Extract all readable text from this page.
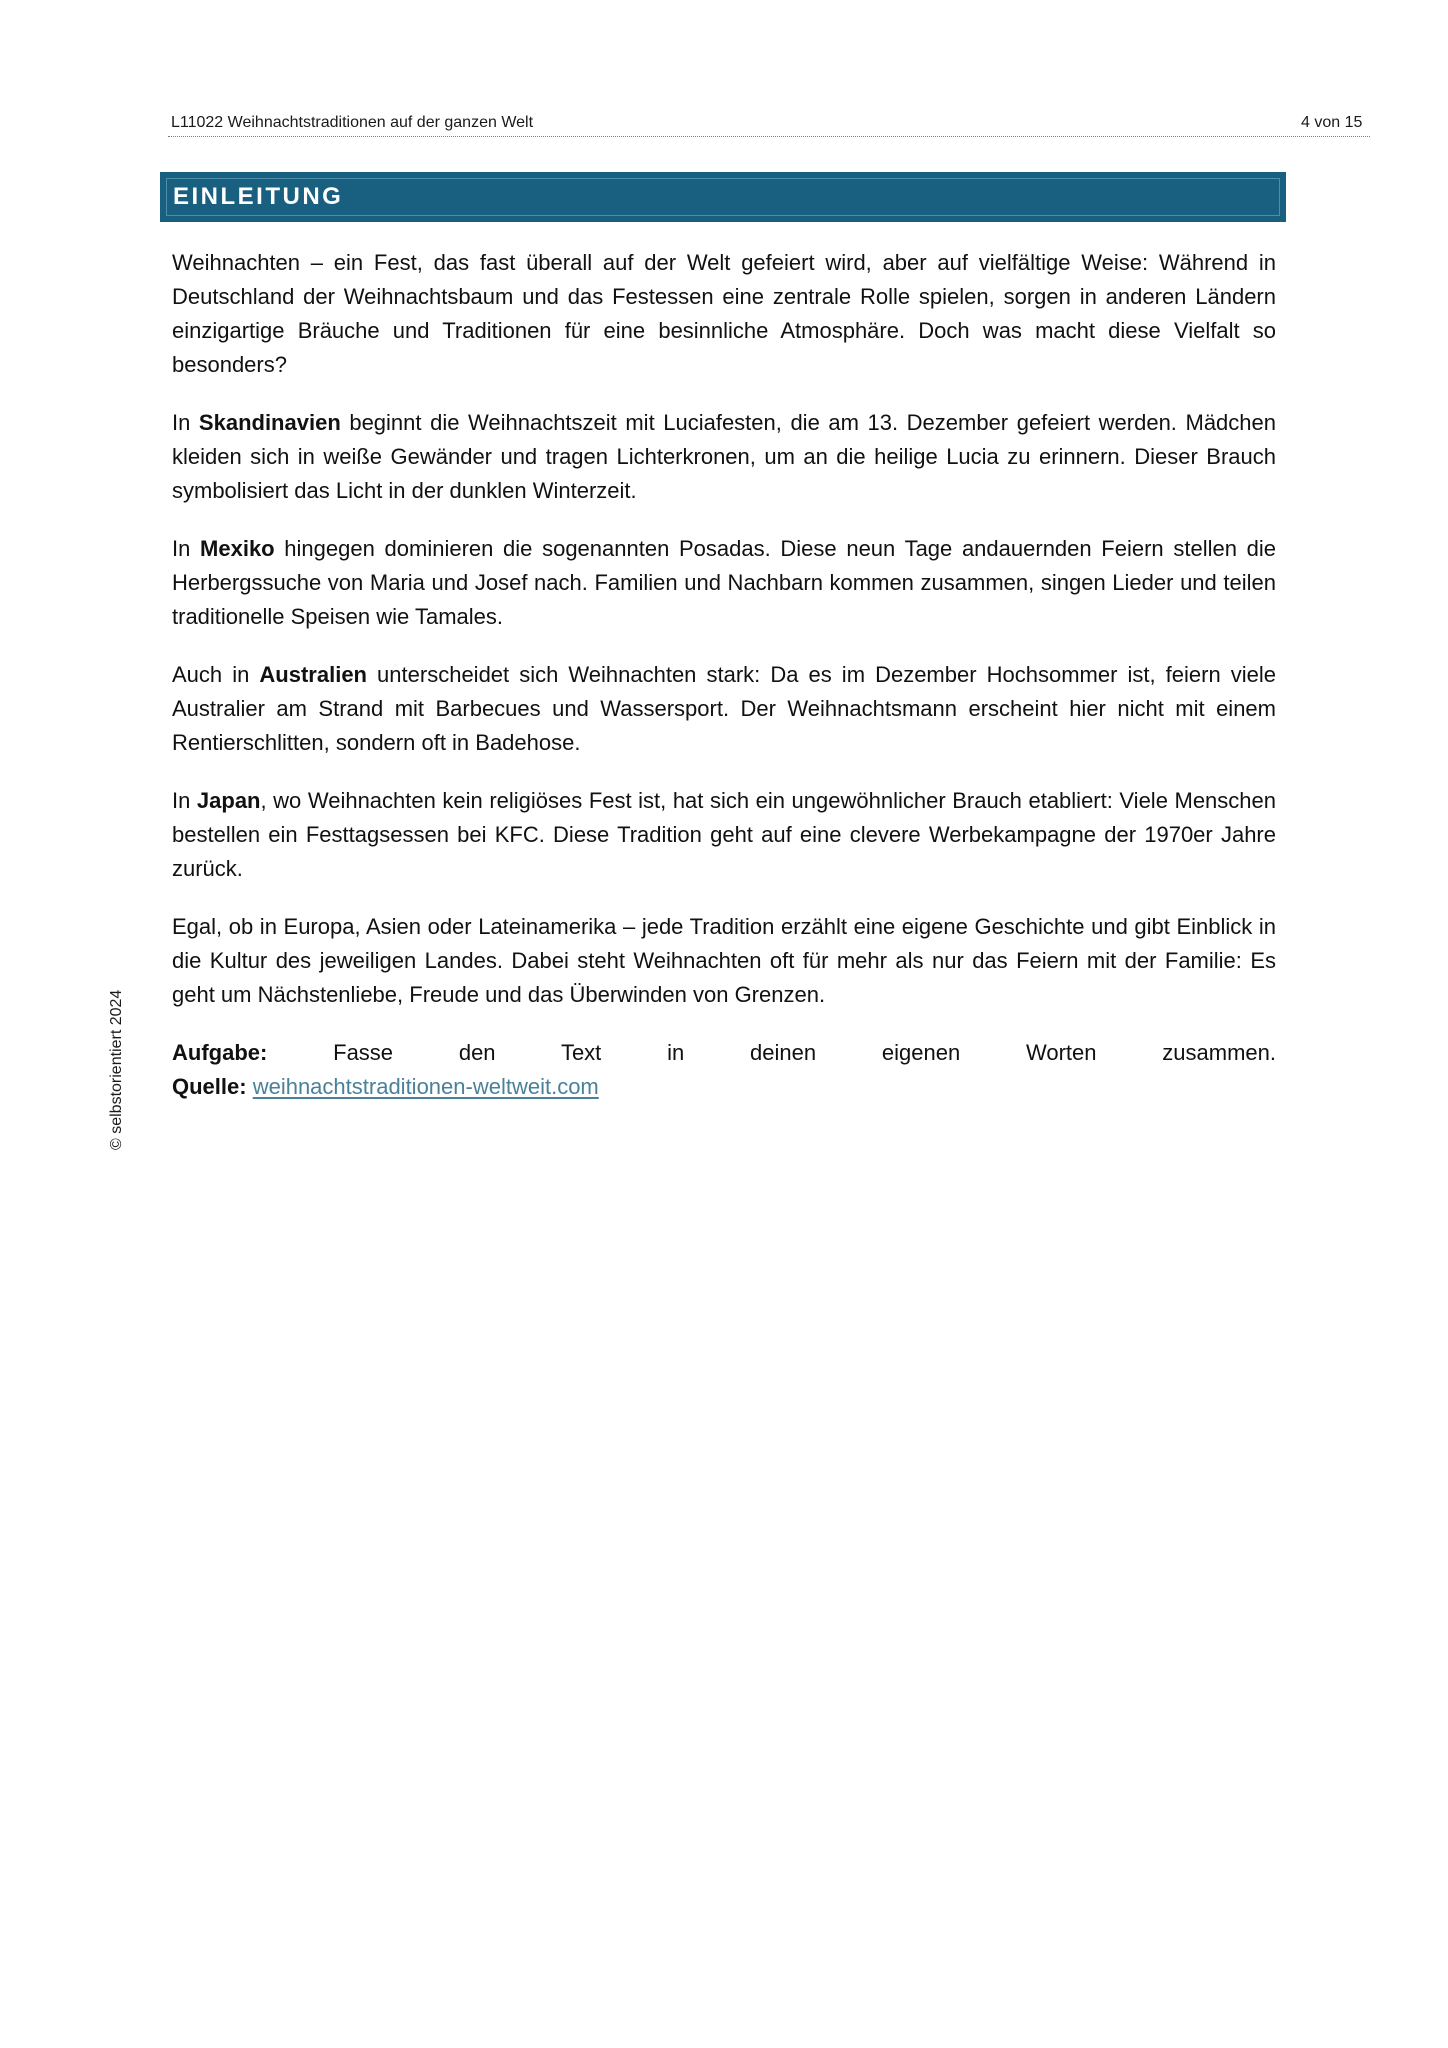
L11022 Weihnachtstraditionen auf der ganzen Welt	4 von 15
EINLEITUNG

Weihnachten – ein Fest, das fast überall auf der Welt gefeiert wird, aber auf vielfältige Weise: Während in Deutschland der Weihnachtsbaum und das Festessen eine zentrale Rolle spielen, sorgen in anderen Ländern einzigartige Bräuche und Traditionen für eine besinnliche Atmosphäre. Doch was macht diese Vielfalt so besonders?

In Skandinavien beginnt die Weihnachtszeit mit Luciafesten, die am 13. Dezember gefeiert werden. Mädchen kleiden sich in weiße Gewänder und tragen Lichterkronen, um an die heilige Lucia zu erinnern. Dieser Brauch symbolisiert das Licht in der dunklen Winterzeit.

In Mexiko hingegen dominieren die sogenannten Posadas. Diese neun Tage andauernden Feiern stellen die Herbergssuche von Maria und Josef nach. Familien und Nachbarn kommen zusammen, singen Lieder und teilen traditionelle Speisen wie Tamales.

Auch in Australien unterscheidet sich Weihnachten stark: Da es im Dezember Hochsommer ist, feiern viele Australier am Strand mit Barbecues und Wassersport. Der Weihnachtsmann erscheint hier nicht mit einem Rentierschlitten, sondern oft in Badehose.

In Japan, wo Weihnachten kein religiöses Fest ist, hat sich ein ungewöhnlicher Brauch etabliert: Viele Menschen bestellen ein Festtagsessen bei KFC. Diese Tradition geht auf eine clevere Werbekampagne der 1970er Jahre zurück.

Egal, ob in Europa, Asien oder Lateinamerika – jede Tradition erzählt eine eigene Geschichte und gibt Einblick in die Kultur des jeweiligen Landes. Dabei steht Weihnachten oft für mehr als nur das Feiern mit der Familie: Es geht um Nächstenliebe, Freude und das Überwinden von Grenzen.

Aufgabe: Fasse den Text in deinen eigenen Worten zusammen.
Quelle: weihnachtstraditionen-weltweit.com
© selbstorientiert 2024
